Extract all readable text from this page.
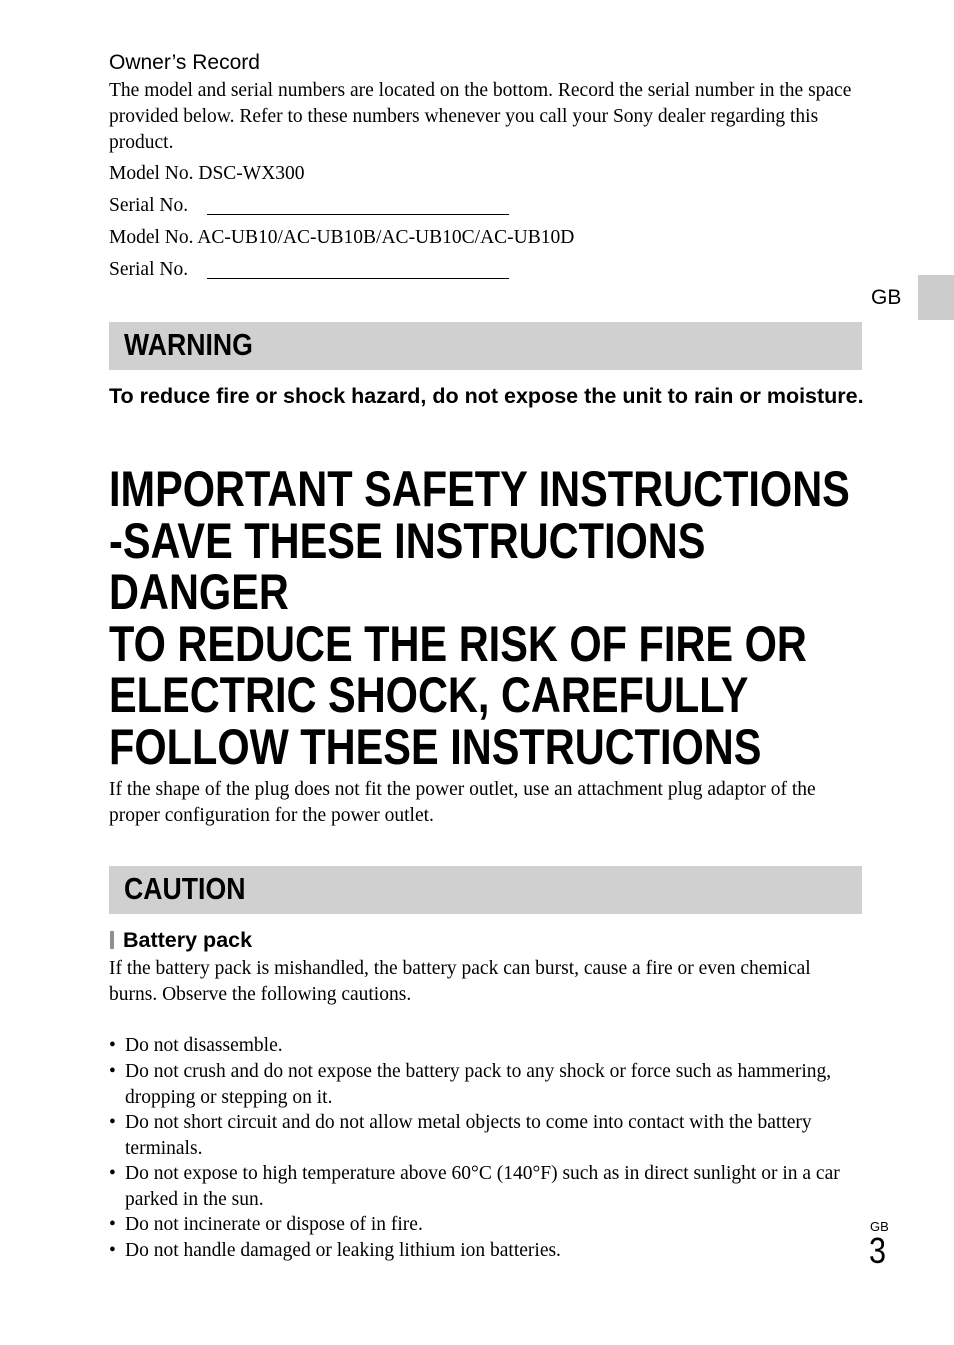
Owner’s Record
The model and serial numbers are located on the bottom. Record the serial number in the space provided below. Refer to these numbers whenever you call your Sony dealer regarding this product.
Model No. DSC-WX300
Serial No.
Model No. AC-UB10/AC-UB10B/AC-UB10C/AC-UB10D
Serial No.
GB
WARNING
To reduce fire or shock hazard, do not expose the unit to rain or moisture.
IMPORTANT SAFETY INSTRUCTIONS
-SAVE THESE INSTRUCTIONS
DANGER
TO REDUCE THE RISK OF FIRE OR
ELECTRIC SHOCK, CAREFULLY
FOLLOW THESE INSTRUCTIONS
If the shape of the plug does not fit the power outlet, use an attachment plug adaptor of the proper configuration for the power outlet.
CAUTION
Battery pack
If the battery pack is mishandled, the battery pack can burst, cause a fire or even chemical burns. Observe the following cautions.
• Do not disassemble.
• Do not crush and do not expose the battery pack to any shock or force such as hammering, dropping or stepping on it.
• Do not short circuit and do not allow metal objects to come into contact with the battery terminals.
• Do not expose to high temperature above 60°C (140°F) such as in direct sunlight or in a car parked in the sun.
• Do not incinerate or dispose of in fire.
• Do not handle damaged or leaking lithium ion batteries.
GB
3
